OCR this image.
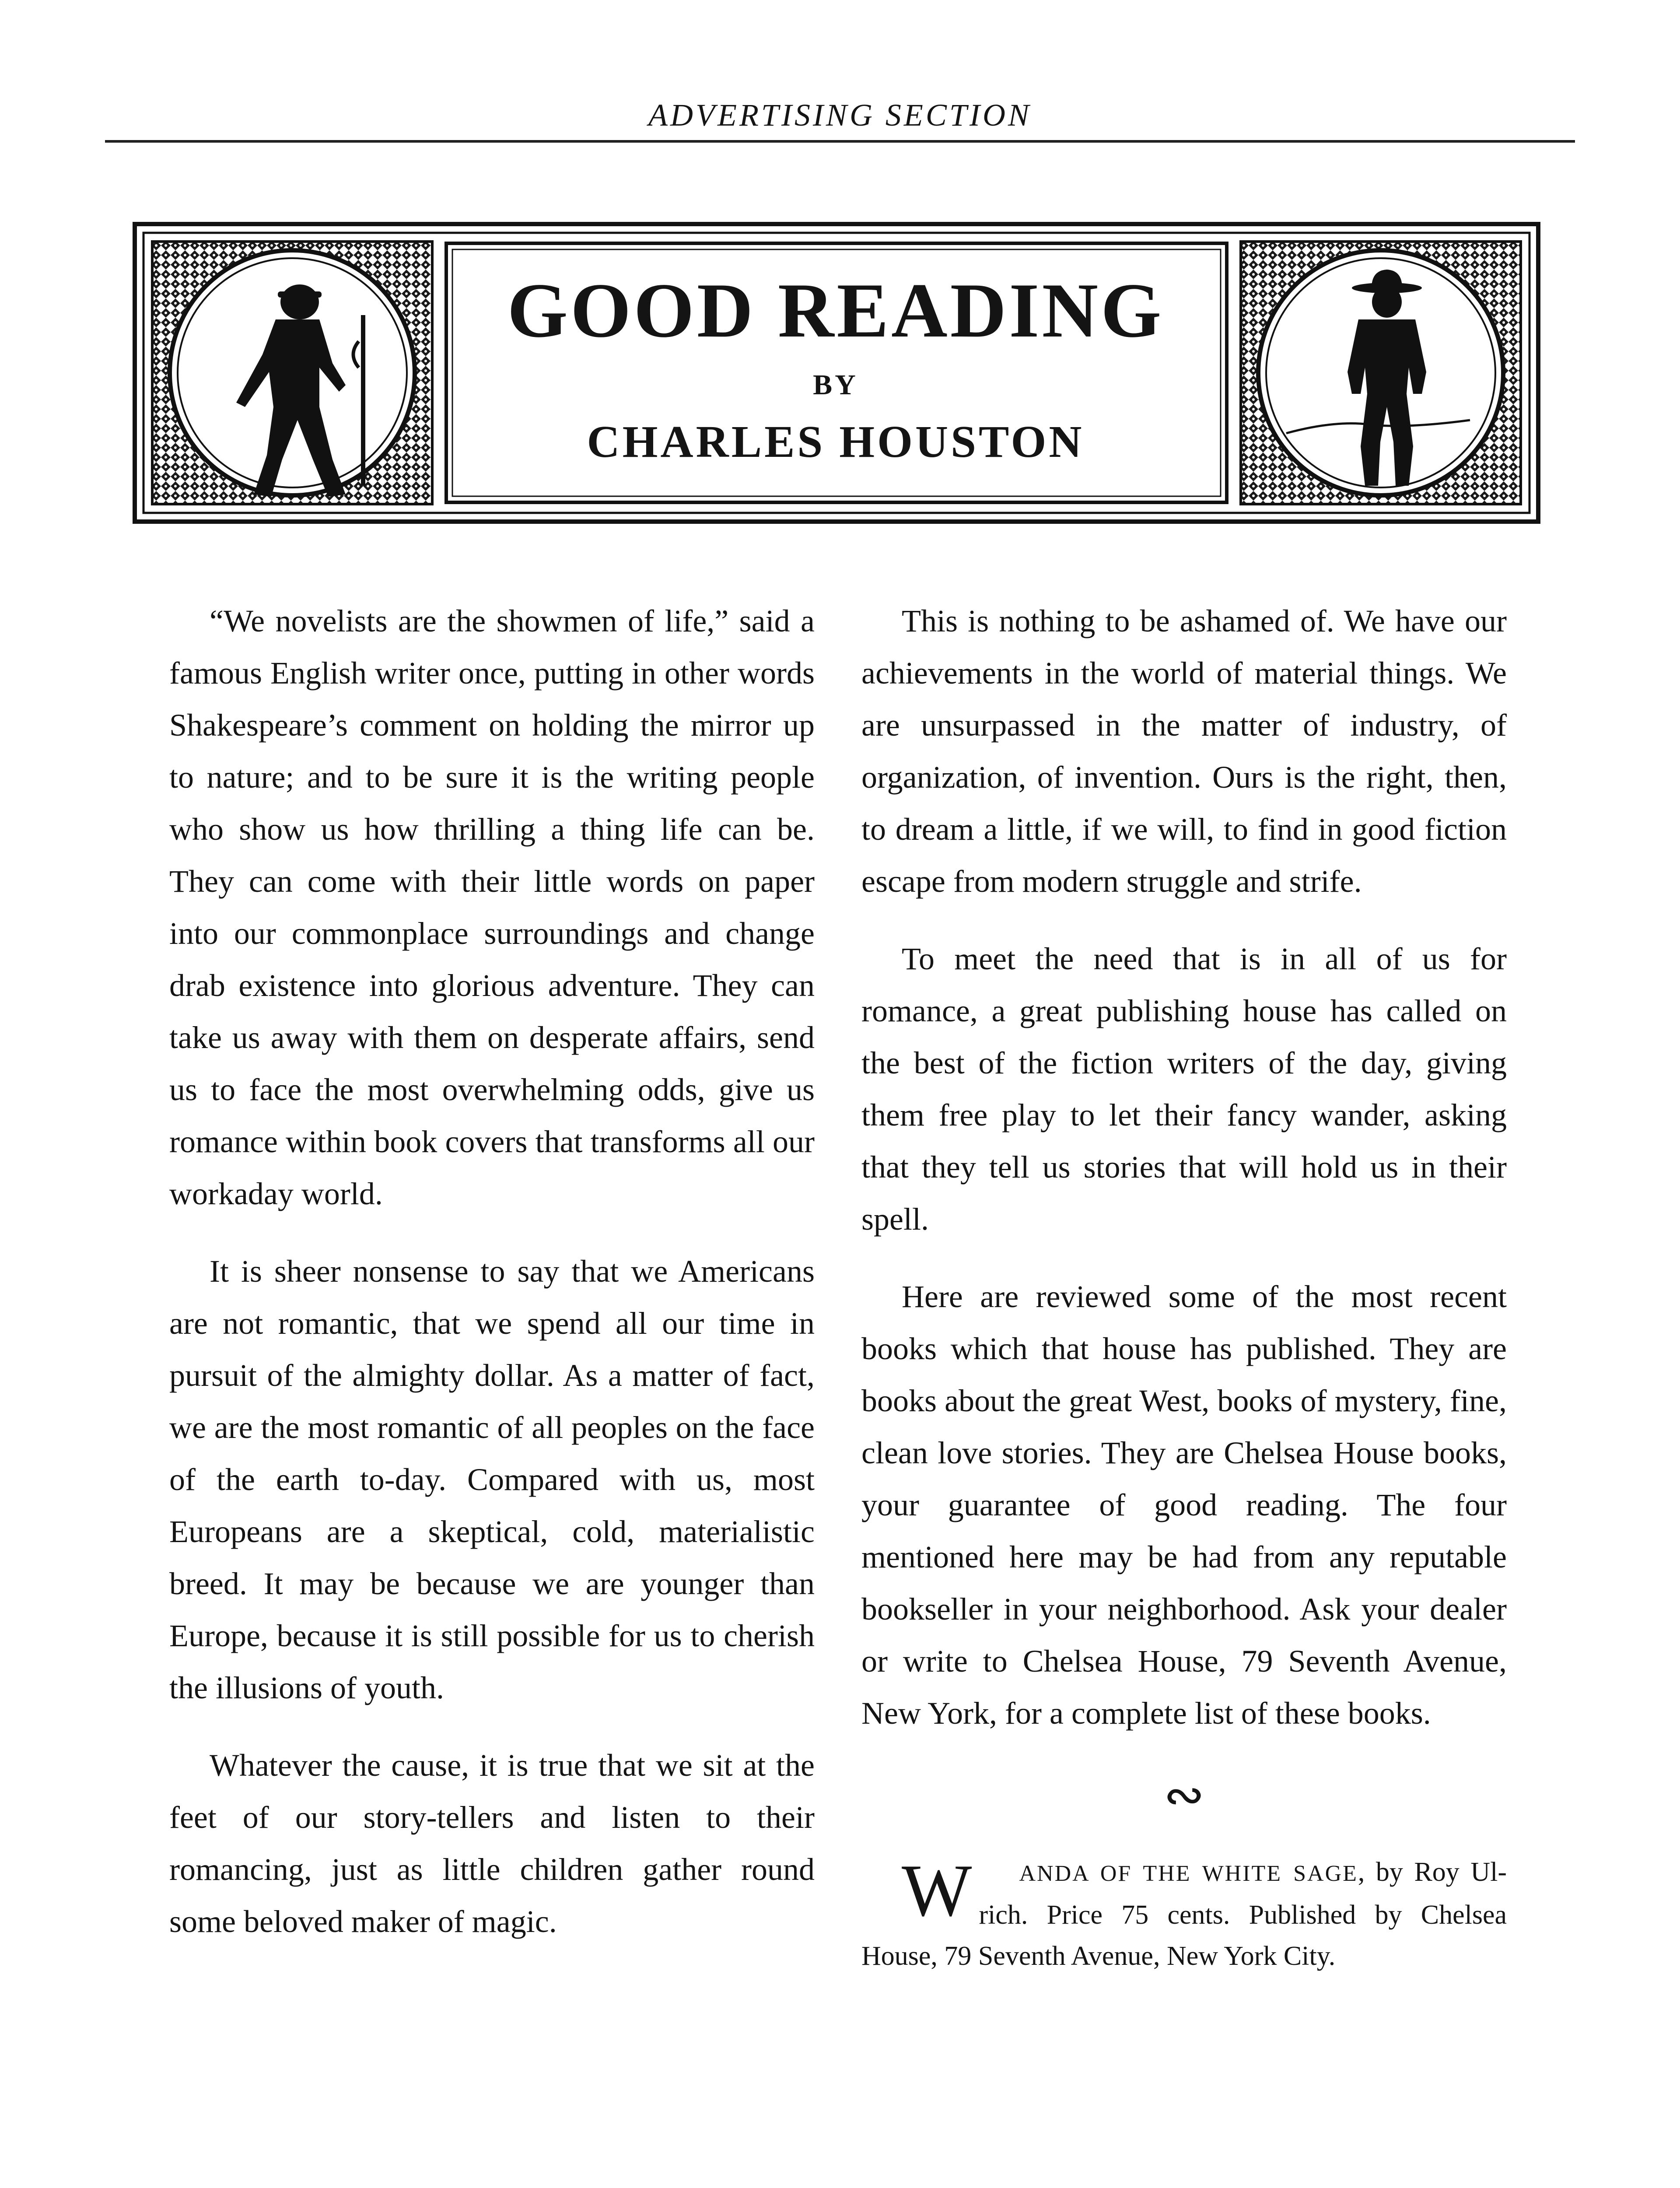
ADVERTISING SECTION
GOOD READING
BY
CHARLES HOUSTON

“We novelists are the showmen of life,” said a famous English writer once, putting in other words Shakespeare’s comment on holding the mirror up to nature; and to be sure it is the writing people who show us how thrilling a thing life can be. They can come with their little words on paper into our commonplace surroundings and change drab existence into glorious adventure. They can take us away with them on desperate affairs, send us to face the most overwhelming odds, give us romance within book covers that transforms all our workaday world.

It is sheer nonsense to say that we Americans are not romantic, that we spend all our time in pursuit of the almighty dollar. As a matter of fact, we are the most romantic of all peoples on the face of the earth to-day. Compared with us, most Europeans are a skeptical, cold, materialistic breed. It may be because we are younger than Europe, because it is still possible for us to cherish the illusions of youth.

Whatever the cause, it is true that we sit at the feet of our story-tellers and listen to their romancing, just as little children gather round some beloved maker of magic.

This is nothing to be ashamed of. We have our achievements in the world of material things. We are unsurpassed in the matter of industry, of organization, of invention. Ours is the right, then, to dream a little, if we will, to find in good fiction escape from modern struggle and strife.

To meet the need that is in all of us for romance, a great publishing house has called on the best of the fiction writers of the day, giving them free play to let their fancy wander, asking that they tell us stories that will hold us in their spell.

Here are reviewed some of the most recent books which that house has published. They are books about the great West, books of mystery, fine, clean love stories. They are Chelsea House books, your guarantee of good reading. The four mentioned here may be had from any reputable bookseller in your neighborhood. Ask your dealer or write to Chelsea House, 79 Seventh Avenue, New York, for a complete list of these books.

∾

W ANDA OF THE WHITE SAGE, by Roy Ulrich. Price 75 cents. Published by Chelsea House, 79 Seventh Avenue, New York City.
